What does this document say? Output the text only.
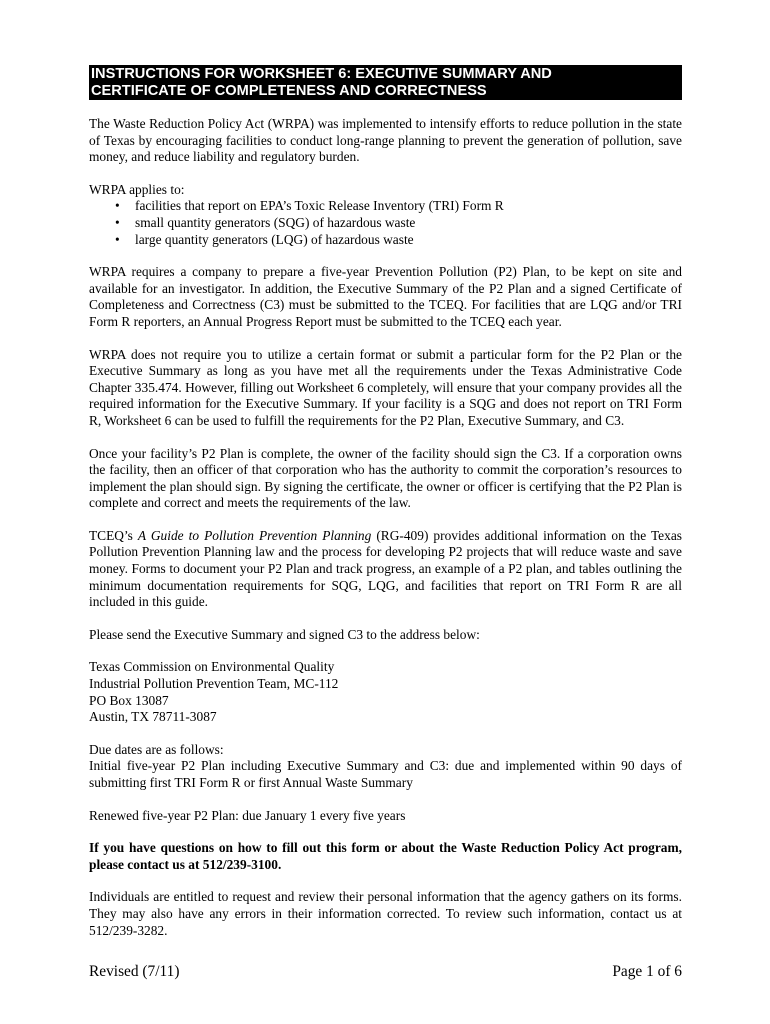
INSTRUCTIONS FOR WORKSHEET 6: EXECUTIVE SUMMARY AND
CERTIFICATE OF COMPLETENESS AND CORRECTNESS

The Waste Reduction Policy Act (WRPA) was implemented to intensify efforts to reduce pollution in the state of Texas by encouraging facilities to conduct long-range planning to prevent the generation of pollution, save money, and reduce liability and regulatory burden.

WRPA applies to:

• facilities that report on EPA’s Toxic Release Inventory (TRI) Form R
• small quantity generators (SQG) of hazardous waste
• large quantity generators (LQG) of hazardous waste

WRPA requires a company to prepare a five-year Prevention Pollution (P2) Plan, to be kept on site and available for an investigator. In addition, the Executive Summary of the P2 Plan and a signed Certificate of Completeness and Correctness (C3) must be submitted to the TCEQ. For facilities that are LQG and/or TRI Form R reporters, an Annual Progress Report must be submitted to the TCEQ each year.

WRPA does not require you to utilize a certain format or submit a particular form for the P2 Plan or the Executive Summary as long as you have met all the requirements under the Texas Administrative Code Chapter 335.474. However, filling out Worksheet 6 completely, will ensure that your company provides all the required information for the Executive Summary. If your facility is a SQG and does not report on TRI Form R, Worksheet 6 can be used to fulfill the requirements for the P2 Plan, Executive Summary, and C3.

Once your facility’s P2 Plan is complete, the owner of the facility should sign the C3. If a corporation owns the facility, then an officer of that corporation who has the authority to commit the corporation’s resources to implement the plan should sign. By signing the certificate, the owner or officer is certifying that the P2 Plan is complete and correct and meets the requirements of the law.

TCEQ’s A Guide to Pollution Prevention Planning (RG-409) provides additional information on the Texas Pollution Prevention Planning law and the process for developing P2 projects that will reduce waste and save money. Forms to document your P2 Plan and track progress, an example of a P2 plan, and tables outlining the minimum documentation requirements for SQG, LQG, and facilities that report on TRI Form R are all included in this guide.

Please send the Executive Summary and signed C3 to the address below:

Texas Commission on Environmental Quality
Industrial Pollution Prevention Team, MC-112
PO Box 13087
Austin, TX 78711-3087
Due dates are as follows:
Initial five-year P2 Plan including Executive Summary and C3: due and implemented within 90 days of submitting first TRI Form R or first Annual Waste Summary

Renewed five-year P2 Plan: due January 1 every five years

If you have questions on how to fill out this form or about the Waste Reduction Policy Act program, please contact us at 512/239-3100.

Individuals are entitled to request and review their personal information that the agency gathers on its forms. They may also have any errors in their information corrected. To review such information, contact us at 512/239-3282.

Revised (7/11)	Page 1 of 6
